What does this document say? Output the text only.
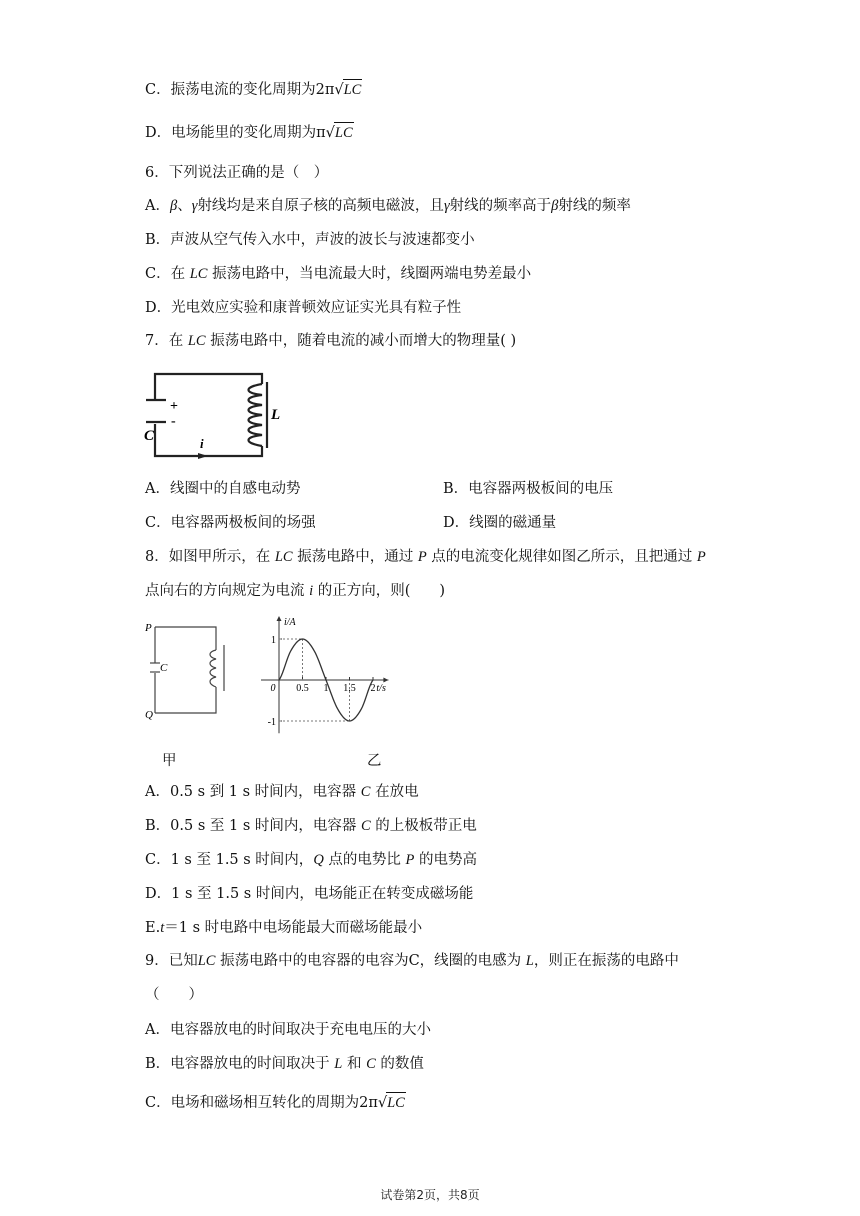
C．振荡电流的变化周期为2π√LC
D．电场能里的变化周期为π√LC
6．下列说法正确的是（　）
A．β、γ射线均是来自原子核的高频电磁波，且γ射线的频率高于β射线的频率
B．声波从空气传入水中，声波的波长与波速都变小
C．在 LC 振荡电路中，当电流最大时，线圈两端电势差最小
D．光电效应实验和康普顿效应证实光具有粒子性
7．在 LC 振荡电路中，随着电流的减小而增大的物理量( )
+
-
C
L
i
A．线圈中的自感电动势	B．电容器两极板间的电压
C．电容器两极板间的场强	D．线圈的磁通量
8．如图甲所示，在 LC 振荡电路中，通过 P 点的电流变化规律如图乙所示，且把通过 P
点向右的方向规定为电流 i 的正方向，则(　　)
P
C
Q
0 0.5 1 1.5 2
1
-1
i/A
t/s
甲	乙
A．0.5 s 到 1 s 时间内，电容器 C 在放电
B．0.5 s 至 1 s 时间内，电容器 C 的上极板带正电
C．1 s 至 1.5 s 时间内，Q 点的电势比 P 的电势高
D．1 s 至 1.5 s 时间内，电场能正在转变成磁场能
E.t＝1 s 时电路中电场能最大而磁场能最小
9．已知LC 振荡电路中的电容器的电容为C，线圈的电感为 L，则正在振荡的电路中
（　　）
A．电容器放电的时间取决于充电电压的大小
B．电容器放电的时间取决于 L 和 C 的数值
C．电场和磁场相互转化的周期为2π√LC
试卷第2页，共8页
